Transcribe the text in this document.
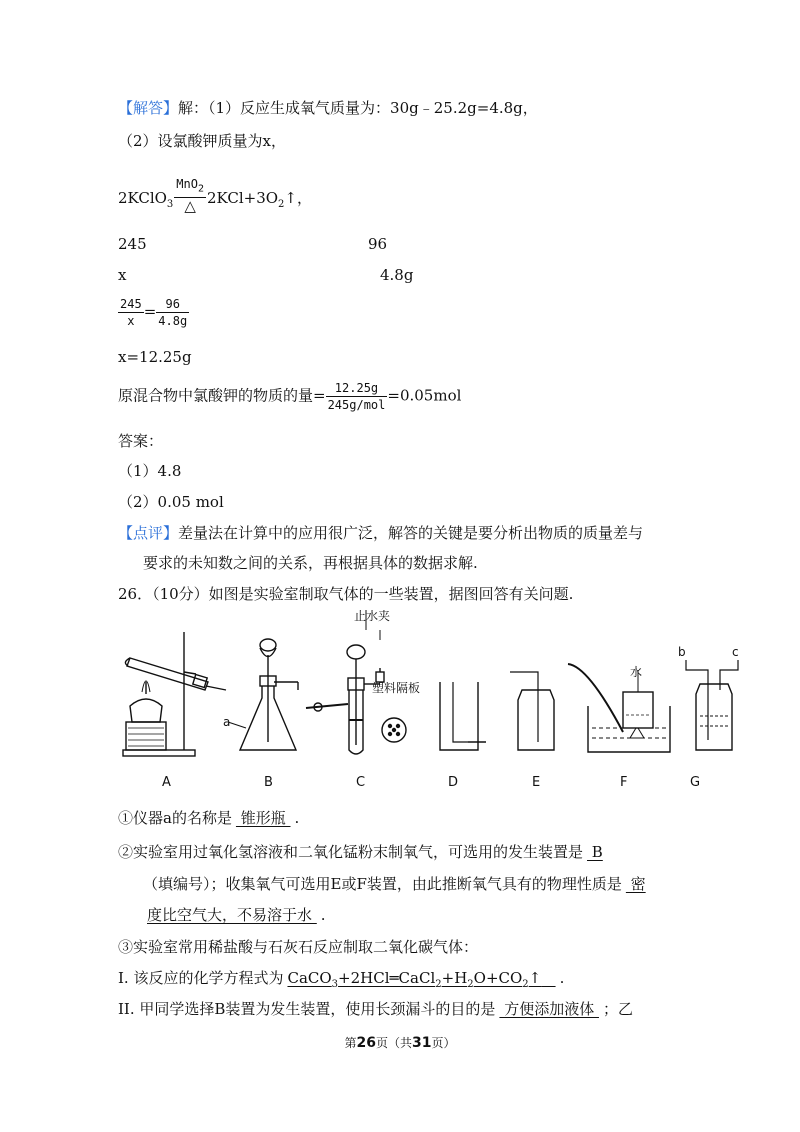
【解答】解：（1）反应生成氧气质量为：30g﹣25.2g=4.8g，
（2）设氯酸钾质量为x，
2KClO$_3$ $\frac{MnO_2}{\triangle}$ $2KCl+3O_2↑$，
245	96
x	4.8g
$\frac{245}{x} = \frac{96}{4.8g}$
x=12.25g
原混合物中氯酸钾的物质的量= $\frac{12.25g}{\text{245g/mol}} =0.05mol$
答案：
（1）4.8
（2）0.05 mol
【点评】差量法在计算中的应用很广泛，解答的关键是要分析出物质的质量差与
要求的未知数之间的关系，再根据具体的数据求解.
26．（10分）如图是实验室制取气体的一些装置，据图回答有关问题.
止水夹
塑料隔板
水
a
b	c
A	B	C	D	E	F	G
①仪器a的名称是 锥形瓶 .
②实验室用过氧化氢溶液和二氧化锰粉末制氧气，可选用的发生装置是 B
（填编号）；收集氧气可选用E或F装置，由此推断氧气具有的物理性质是 密
度比空气大，不易溶于水 .
③实验室常用稀盐酸与石灰石反应制取二氧化碳气体：
I. 该反应的化学方程式为 $CaCO_3+2HCl═CaCl_2+H_2O+CO_2↑$ .
II. 甲同学选择B装置为发生装置，使用长颈漏斗的目的是 方便添加液体 ；乙
第26页（共31页）
